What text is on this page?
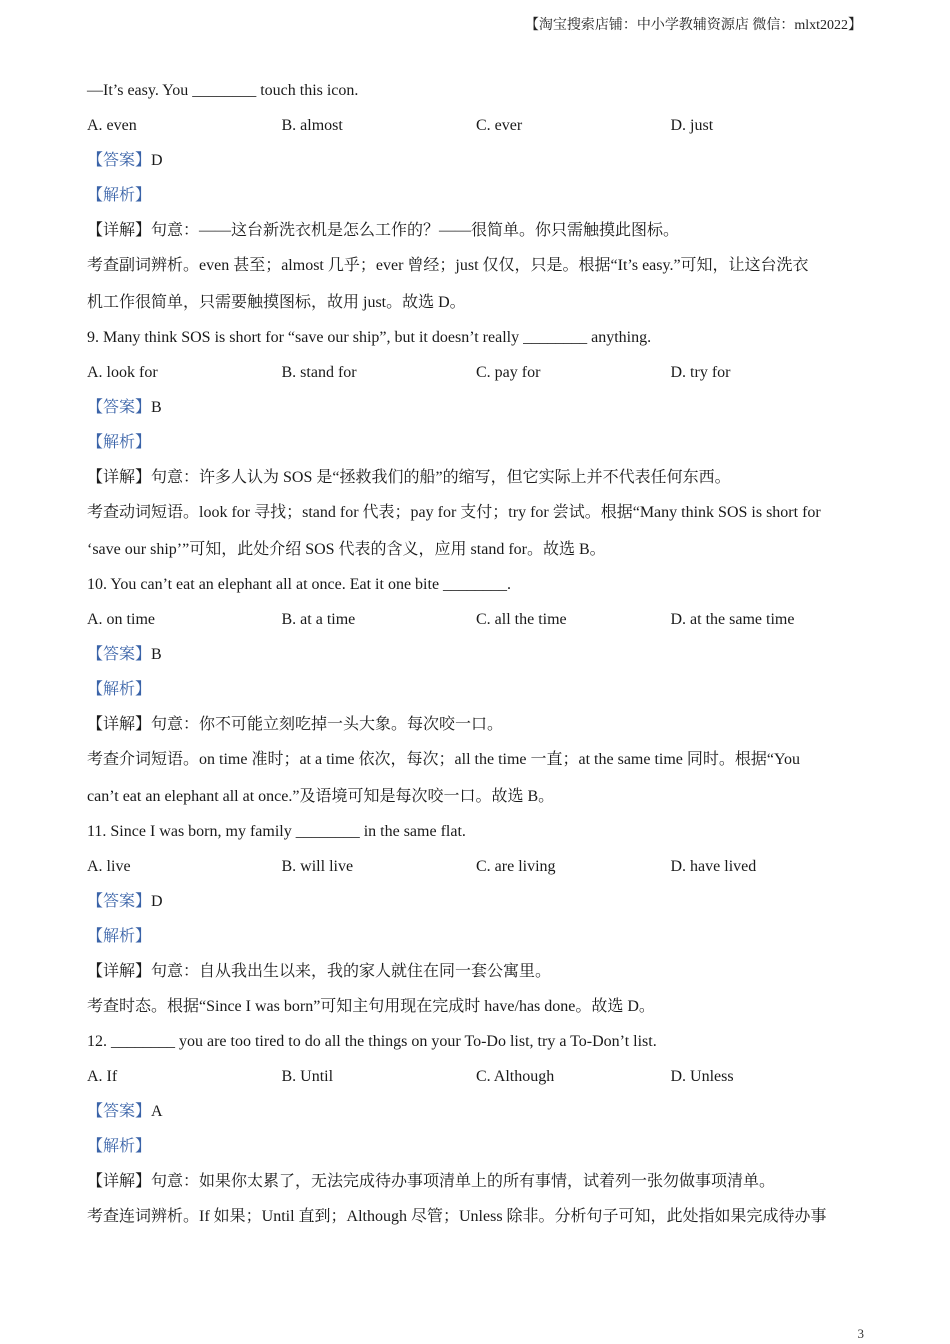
【淘宝搜索店铺：中小学教辅资源店 微信：mlxt2022】
—It’s easy. You ________ touch this icon.
A. even	B. almost	C. ever	D. just
【答案】D
【解析】
【详解】句意：——这台新洗衣机是怎么工作的？——很简单。你只需触摸此图标。
考查副词辨析。even 甚至；almost 几乎；ever 曾经；just 仅仅，只是。根据“It’s easy.”可知，让这台洗衣
机工作很简单，只需要触摸图标，故用 just。故选 D。
9. Many think SOS is short for “save our ship”, but it doesn’t really ________ anything.
A. look for	B. stand for	C. pay for	D. try for
【答案】B
【解析】
【详解】句意：许多人认为 SOS 是“拯救我们的船”的缩写，但它实际上并不代表任何东西。
考查动词短语。look for 寻找；stand for 代表；pay for 支付；try for 尝试。根据“Many think SOS is short for
‘save our ship’”可知，此处介绍 SOS 代表的含义，应用 stand for。故选 B。
10. You can’t eat an elephant all at once. Eat it one bite ________.
A. on time	B. at a time	C. all the time	D. at the same time
【答案】B
【解析】
【详解】句意：你不可能立刻吃掉一头大象。每次咬一口。
考查介词短语。on time 准时；at a time 依次，每次；all the time 一直；at the same time 同时。根据“You
can’t eat an elephant all at once.”及语境可知是每次咬一口。故选 B。
11. Since I was born, my family ________ in the same flat.
A. live	B. will live	C. are living	D. have lived
【答案】D
【解析】
【详解】句意：自从我出生以来，我的家人就住在同一套公寓里。
考查时态。根据“Since I was born”可知主句用现在完成时 have/has done。故选 D。
12. ________ you are too tired to do all the things on your To-Do list, try a To-Don’t list.
A. If	B. Until	C. Although	D. Unless
【答案】A
【解析】
【详解】句意：如果你太累了，无法完成待办事项清单上的所有事情，试着列一张勿做事项清单。
考查连词辨析。If 如果；Until 直到；Although 尽管；Unless 除非。分析句子可知，此处指如果完成待办事
3
